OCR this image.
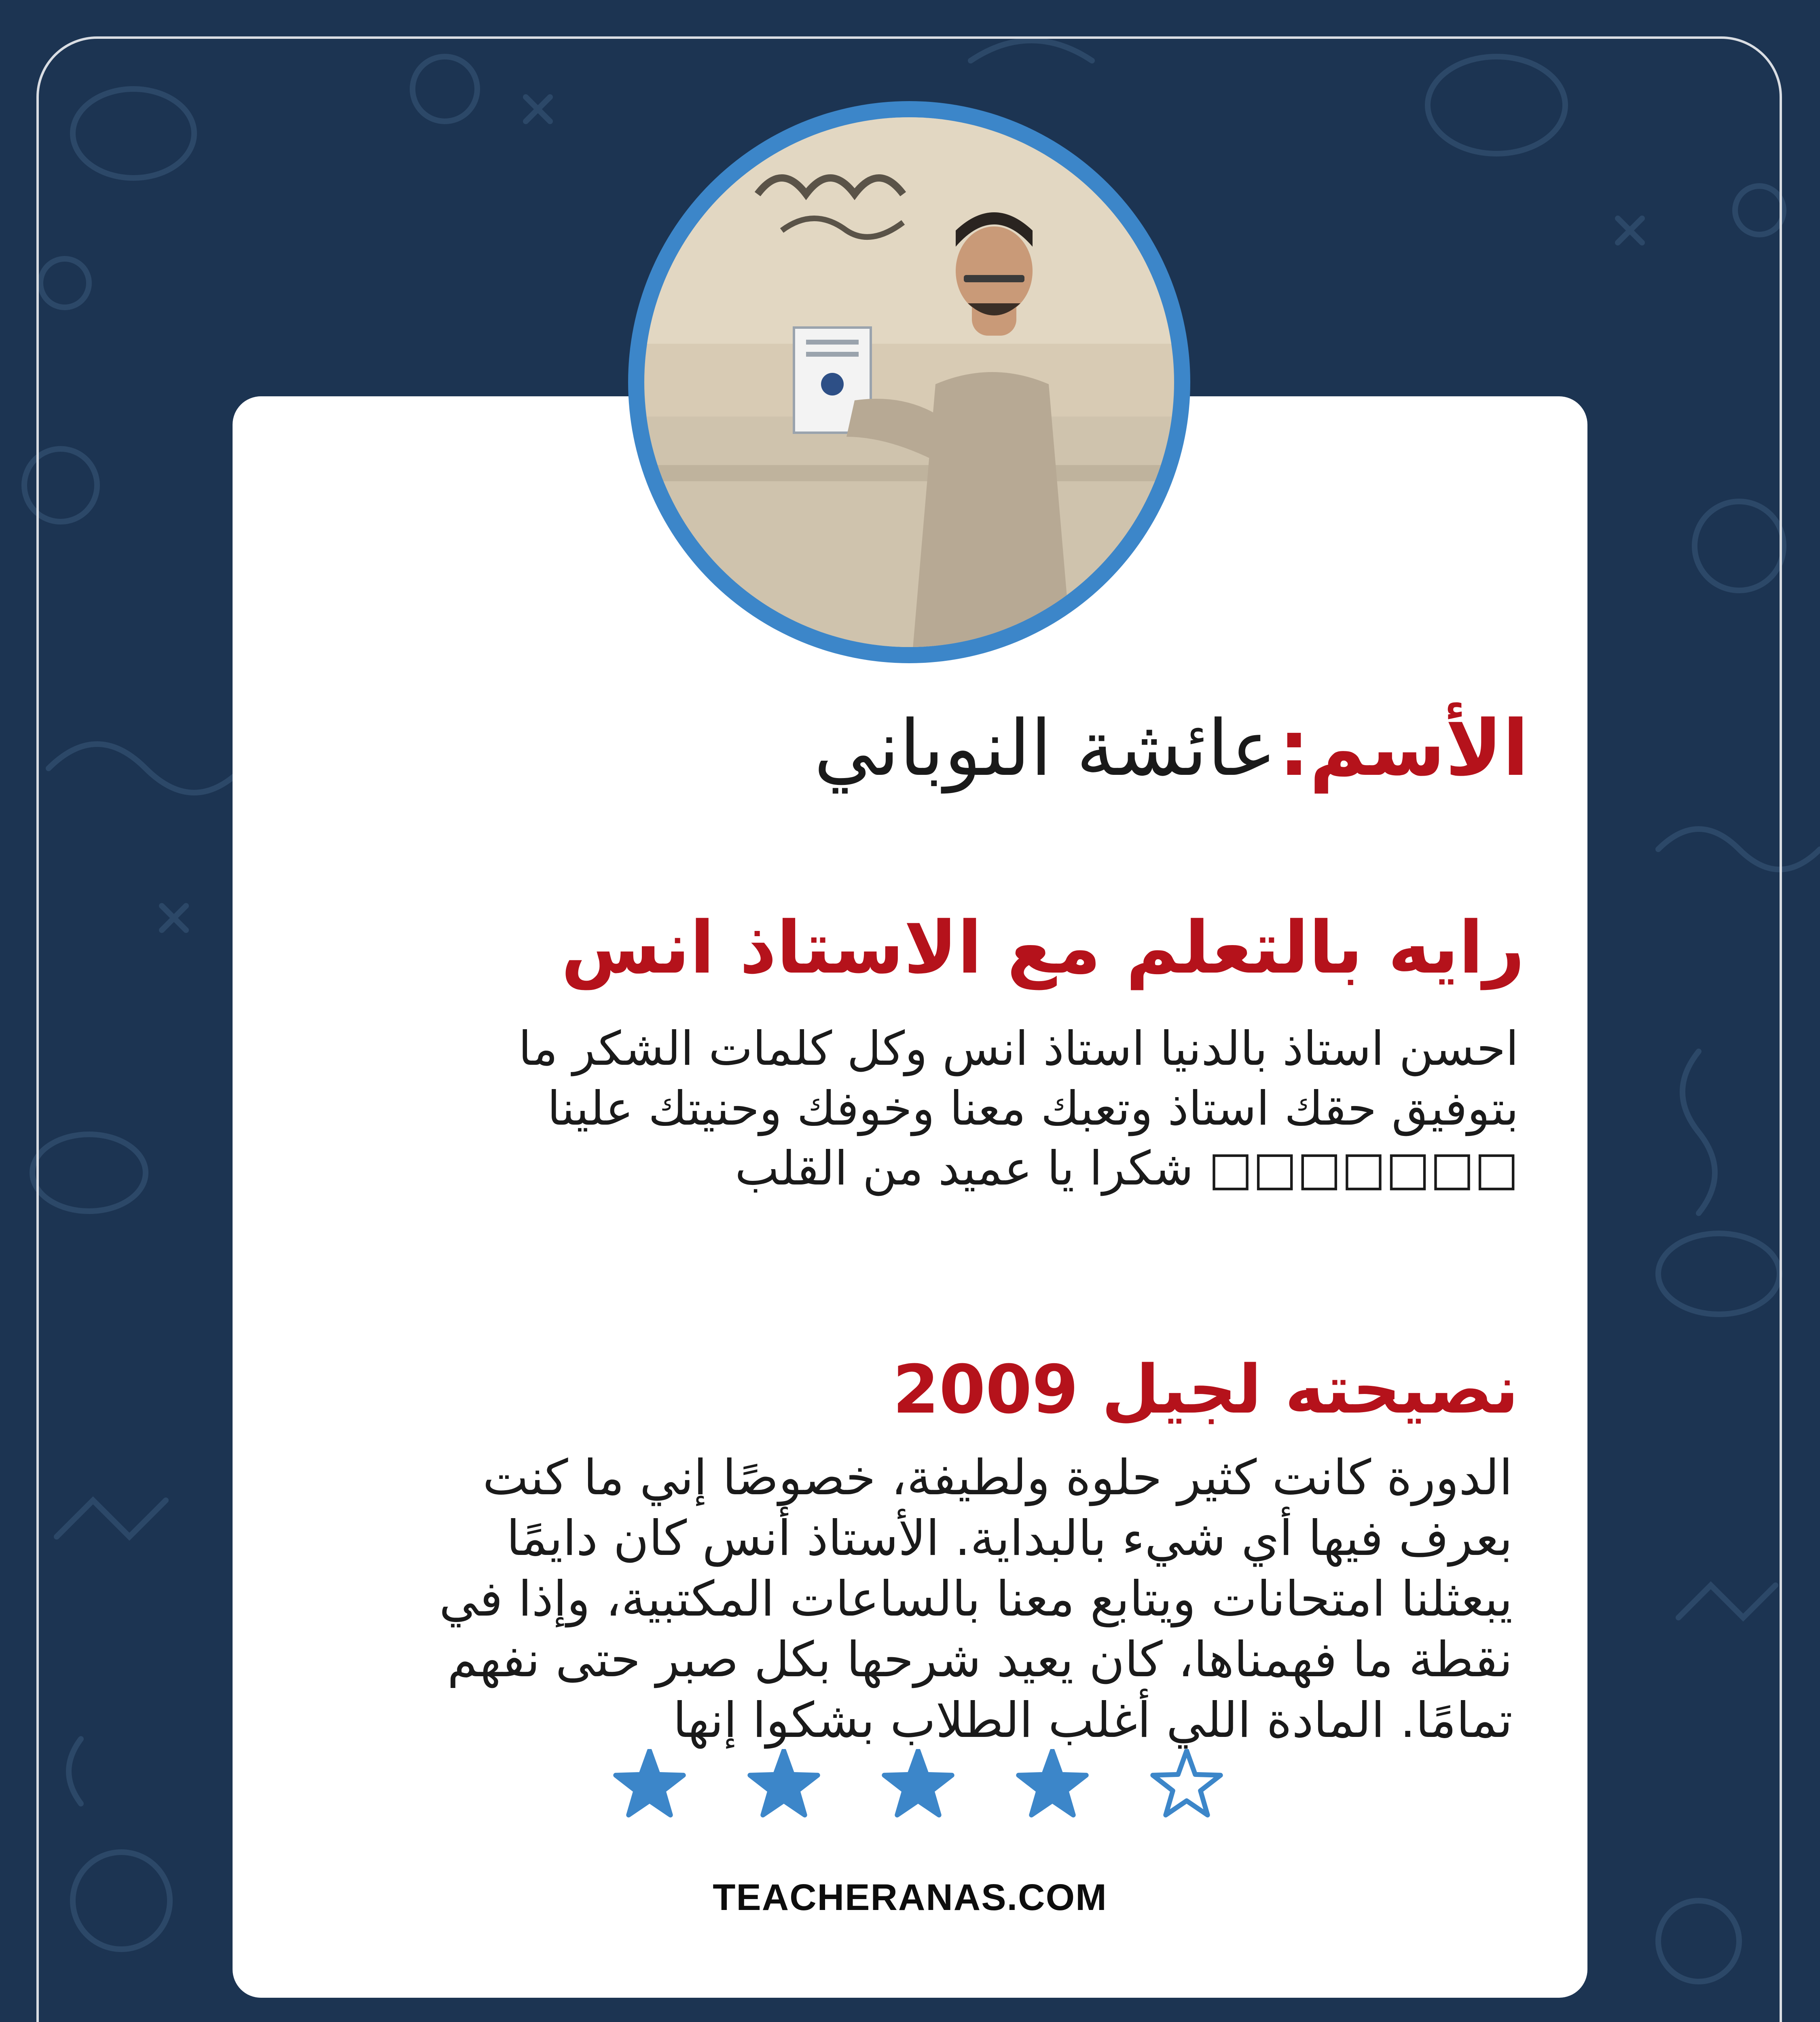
الأسم: عائشة النوباني
رايه بالتعلم مع الاستاذ انس
احسن استاذ بالدنيا استاذ انس وكل كلمات الشكر ما بتوفيق حقك استاذ وتعبك معنا وخوفك وحنيتك علينا □□□□□□□ شكرا يا عميد من القلب
نصيحته لجيل 2009
الدورة كانت كثير حلوة ولطيفة، خصوصًا إني ما كنت بعرف فيها أي شيء بالبداية. الأستاذ أنس كان دايمًا يبعثلنا امتحانات ويتابع معنا بالساعات المكتبية، وإذا في نقطة ما فهمناها، كان يعيد شرحها بكل صبر حتى نفهم تمامًا. المادة اللي أغلب الطلاب بشكوا إنها
TEACHERANAS.COM
